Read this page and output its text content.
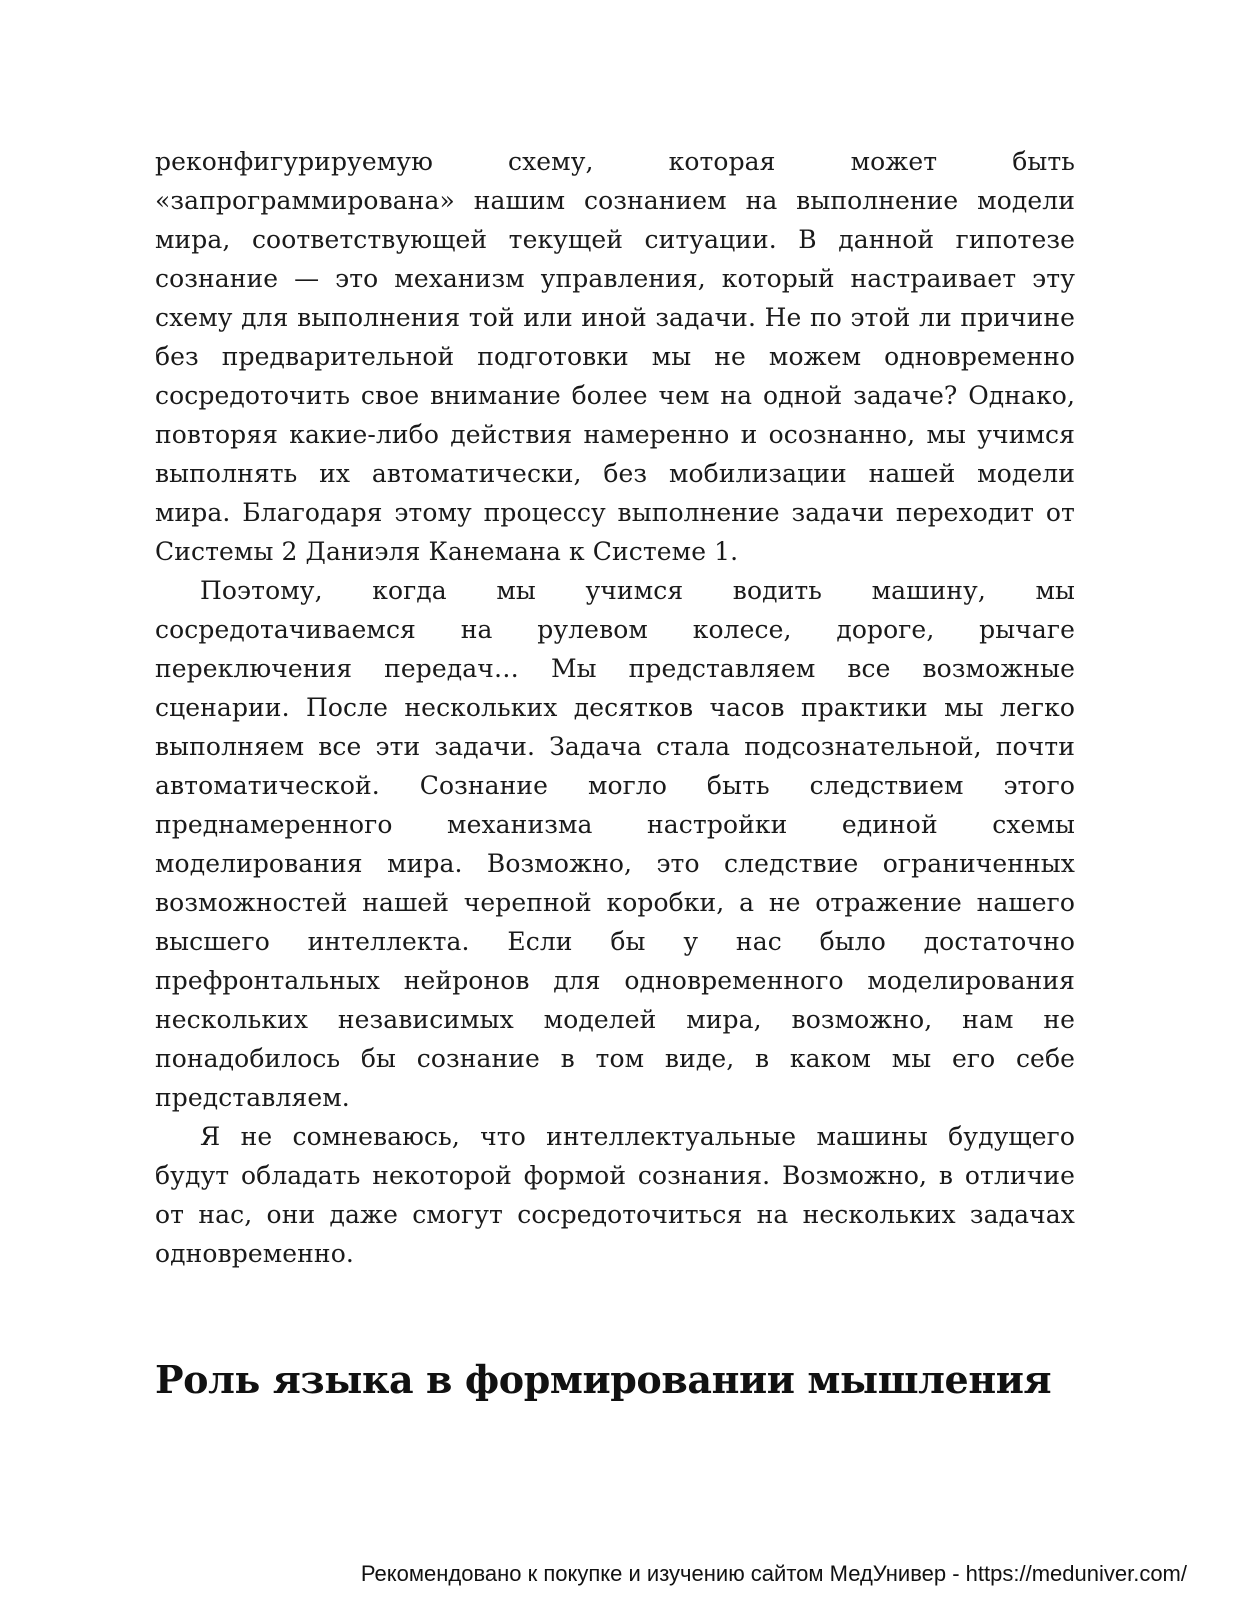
реконфигурируемую схему, которая может быть «запрограммирована» нашим сознанием на выполнение модели мира, соответствующей текущей ситуации. В данной гипотезе сознание — это механизм управления, который настраивает эту схему для выполнения той или иной задачи. Не по этой ли причине без предварительной подготовки мы не можем одновременно сосредоточить свое внимание более чем на одной задаче? Однако, повторяя какие-либо действия намеренно и осознанно, мы учимся выполнять их автоматически, без мобилизации нашей модели мира. Благодаря этому процессу выполнение задачи переходит от Системы 2 Даниэля Канемана к Системе 1.

Поэтому, когда мы учимся водить машину, мы сосредотачиваемся на рулевом колесе, дороге, рычаге переключения передач… Мы представляем все возможные сценарии. После нескольких десятков часов практики мы легко выполняем все эти задачи. Задача стала подсознательной, почти автоматической. Сознание могло быть следствием этого преднамеренного механизма настройки единой схемы моделирования мира. Возможно, это следствие ограниченных возможностей нашей черепной коробки, а не отражение нашего высшего интеллекта. Если бы у нас было достаточно префронтальных нейронов для одновременного моделирования нескольких независимых моделей мира, возможно, нам не понадобилось бы сознание в том виде, в каком мы его себе представляем.

Я не сомневаюсь, что интеллектуальные машины будущего будут обладать некоторой формой сознания. Возможно, в отличие от нас, они даже смогут сосредоточиться на нескольких задачах одновременно.

Роль языка в формировании мышления
Рекомендовано к покупке и изучению сайтом МедУнивер - https://meduniver.com/
